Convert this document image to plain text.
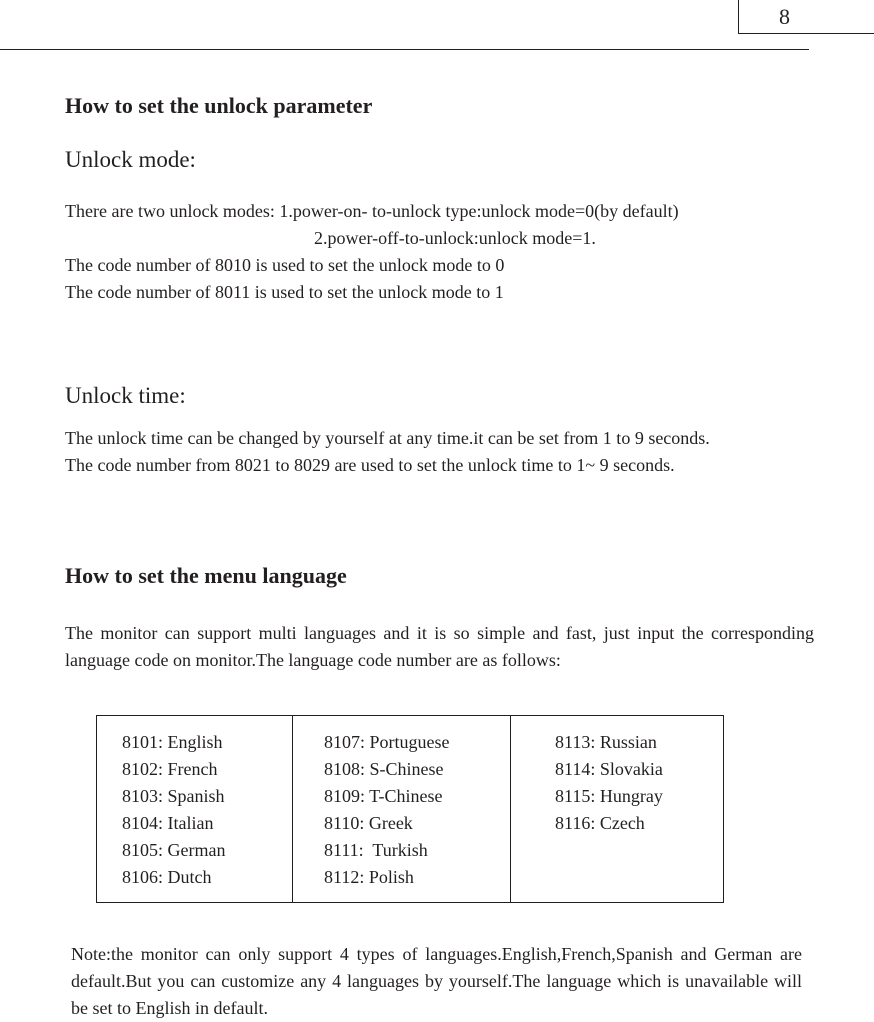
8
How to set the unlock parameter
Unlock mode:
There are two unlock modes: 1.power-on- to-unlock type:unlock mode=0(by default)
2.power-off-to-unlock:unlock mode=1.
The code number of 8010 is used to set the unlock mode to 0
The code number of 8011 is used to set the unlock mode to 1
Unlock time:
The unlock time can be changed by yourself at any time.it can be set from 1 to 9 seconds.
The code number from 8021 to 8029 are used to set the unlock time to 1~ 9 seconds.
How to set the menu language
The monitor can support multi languages and it is so simple and fast, just input the corresponding language code on monitor.The language code number are as follows:
8101: English
8102: French
8103: Spanish
8104: Italian
8105: German
8106: Dutch
8107: Portuguese
8108: S-Chinese
8109: T-Chinese
8110: Greek
8111:  Turkish
8112: Polish
8113: Russian
8114: Slovakia
8115: Hungray
8116: Czech
Note:the monitor can only support 4 types of languages.English,French,Spanish and German are default.But you can customize any 4 languages by yourself.The language which is unavailable will be set to English in default.
